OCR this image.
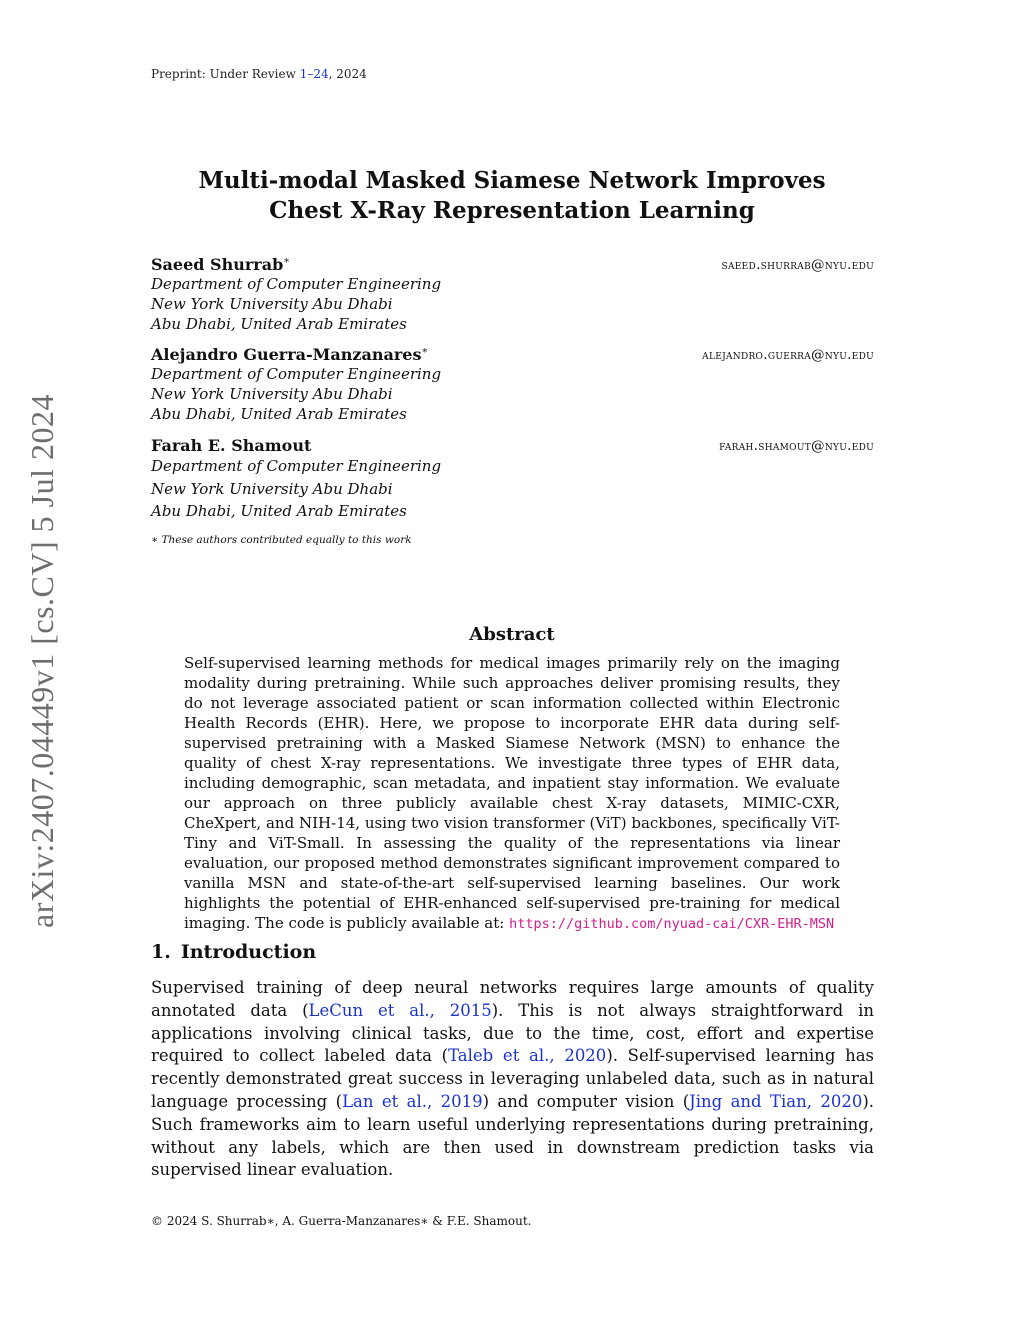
Preprint: Under Review 1–24, 2024
arXiv:2407.04449v1 [cs.CV] 5 Jul 2024
Multi-modal Masked Siamese Network Improves
Chest X-Ray Representation Learning
Saeed Shurrab∗	saeed.shurrab@nyu.edu
Department of Computer Engineering
New York University Abu Dhabi
Abu Dhabi, United Arab Emirates
Alejandro Guerra-Manzanares∗	alejandro.guerra@nyu.edu
Department of Computer Engineering
New York University Abu Dhabi
Abu Dhabi, United Arab Emirates
Farah E. Shamout	farah.shamout@nyu.edu
Department of Computer Engineering
New York University Abu Dhabi
Abu Dhabi, United Arab Emirates
∗ These authors contributed equally to this work
Abstract

Self-supervised learning methods for medical images primarily rely on the imaging modality during pretraining. While such approaches deliver promising results, they do not leverage associated patient or scan information collected within Electronic Health Records (EHR). Here, we propose to incorporate EHR data during self-supervised pretraining with a Masked Siamese Network (MSN) to enhance the quality of chest X-ray representations. We investigate three types of EHR data, including demographic, scan metadata, and inpatient stay information. We evaluate our approach on three publicly available chest X-ray datasets, MIMIC-CXR, CheXpert, and NIH-14, using two vision transformer (ViT) backbones, specifically ViT-Tiny and ViT-Small. In assessing the quality of the representations via linear evaluation, our proposed method demonstrates significant improvement compared to vanilla MSN and state-of-the-art self-supervised learning baselines. Our work highlights the potential of EHR-enhanced self-supervised pre-training for medical imaging. The code is publicly available at: https://github.com/nyuad-cai/CXR-EHR-MSN

1. Introduction

Supervised training of deep neural networks requires large amounts of quality annotated data (LeCun et al., 2015). This is not always straightforward in applications involving clinical tasks, due to the time, cost, effort and expertise required to collect labeled data (Taleb et al., 2020). Self-supervised learning has recently demonstrated great success in leveraging unlabeled data, such as in natural language processing (Lan et al., 2019) and computer vision (Jing and Tian, 2020). Such frameworks aim to learn useful underlying representations during pretraining, without any labels, which are then used in downstream prediction tasks via supervised linear evaluation.

© 2024 S. Shurrab∗, A. Guerra-Manzanares∗ & F.E. Shamout.
